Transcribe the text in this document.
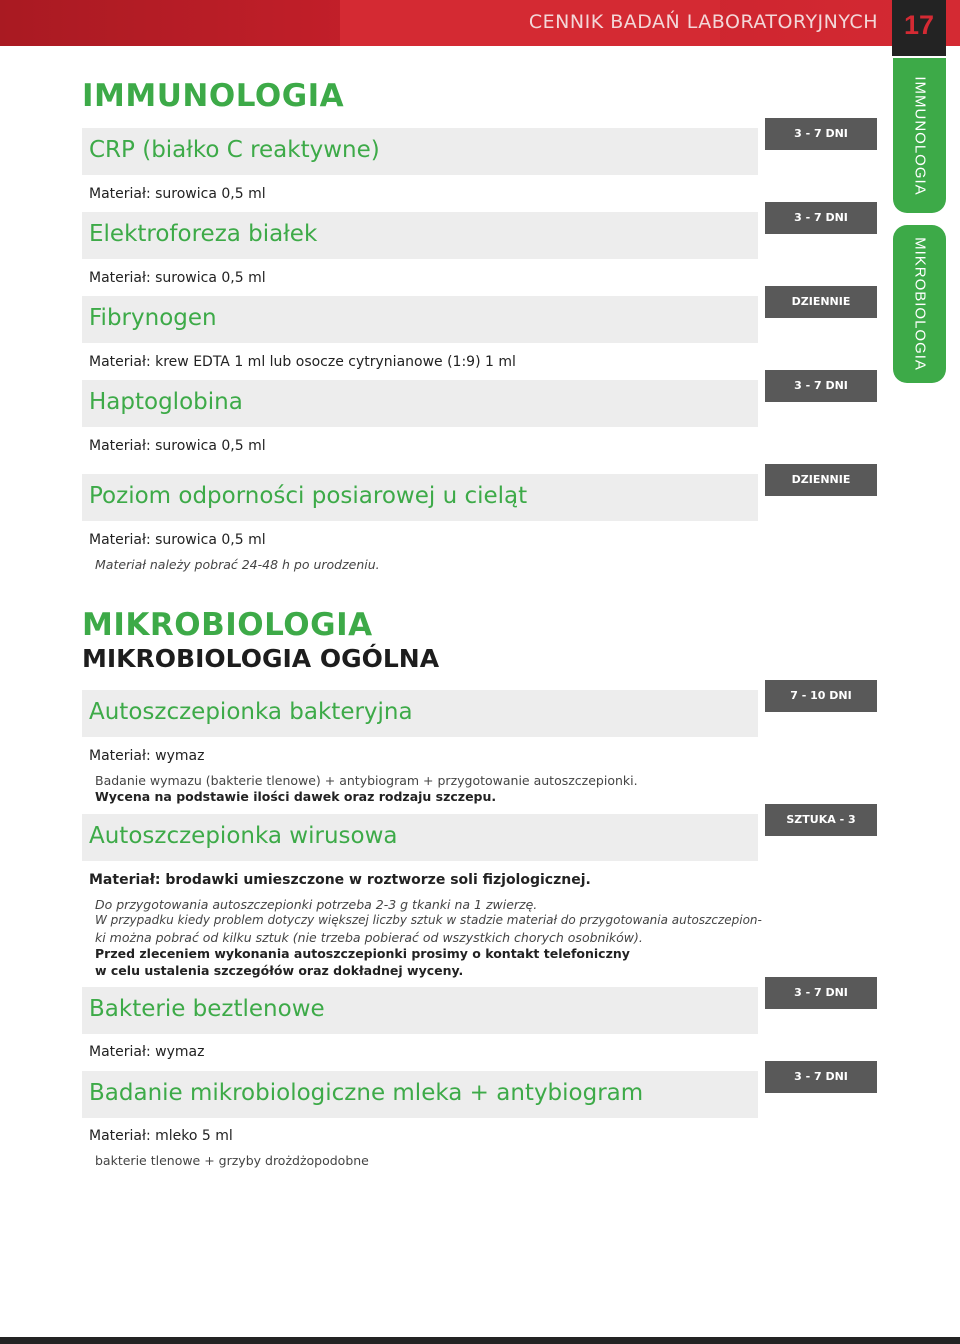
CENNIK BADAŃ LABORATORYJNYCH 17
IMMUNOLOGIA
MIKROBIOLOGIA
IMMUNOLOGIA
CRP (białko C reaktywne)
3 - 7 DNI
Materiał: surowica 0,5 ml
Elektroforeza białek
3 - 7 DNI
Materiał: surowica 0,5 ml
Fibrynogen
DZIENNIE
Materiał: krew EDTA 1 ml lub osocze cytrynianowe (1:9) 1 ml
Haptoglobina
3 - 7 DNI
Materiał: surowica 0,5 ml
Poziom odporności posiarowej u cieląt
DZIENNIE
Materiał: surowica 0,5 ml
Materiał należy pobrać 24-48 h po urodzeniu.
MIKROBIOLOGIA
MIKROBIOLOGIA OGÓLNA
Autoszczepionka bakteryjna
7 - 10 DNI
Materiał: wymaz
Badanie wymazu (bakterie tlenowe) + antybiogram + przygotowanie autoszczepionki.
Wycena na podstawie ilości dawek oraz rodzaju szczepu.
Autoszczepionka wirusowa
SZTUKA - 3 DAWKI
Materiał: brodawki umieszczone w roztworze soli fizjologicznej.
Do przygotowania autoszczepionki potrzeba 2-3 g tkanki na 1 zwierzę.
W przypadku kiedy problem dotyczy większej liczby sztuk w stadzie materiał do przygotowania autoszczepion-
ki można pobrać od kilku sztuk (nie trzeba pobierać od wszystkich chorych osobników).
Przed zleceniem wykonania autoszczepionki prosimy o kontakt telefoniczny
w celu ustalenia szczegółów oraz dokładnej wyceny.
Bakterie beztlenowe
3 - 7 DNI
Materiał: wymaz
Badanie mikrobiologiczne mleka + antybiogram
3 - 7 DNI
Materiał: mleko 5 ml
bakterie tlenowe + grzyby drożdżopodobne
